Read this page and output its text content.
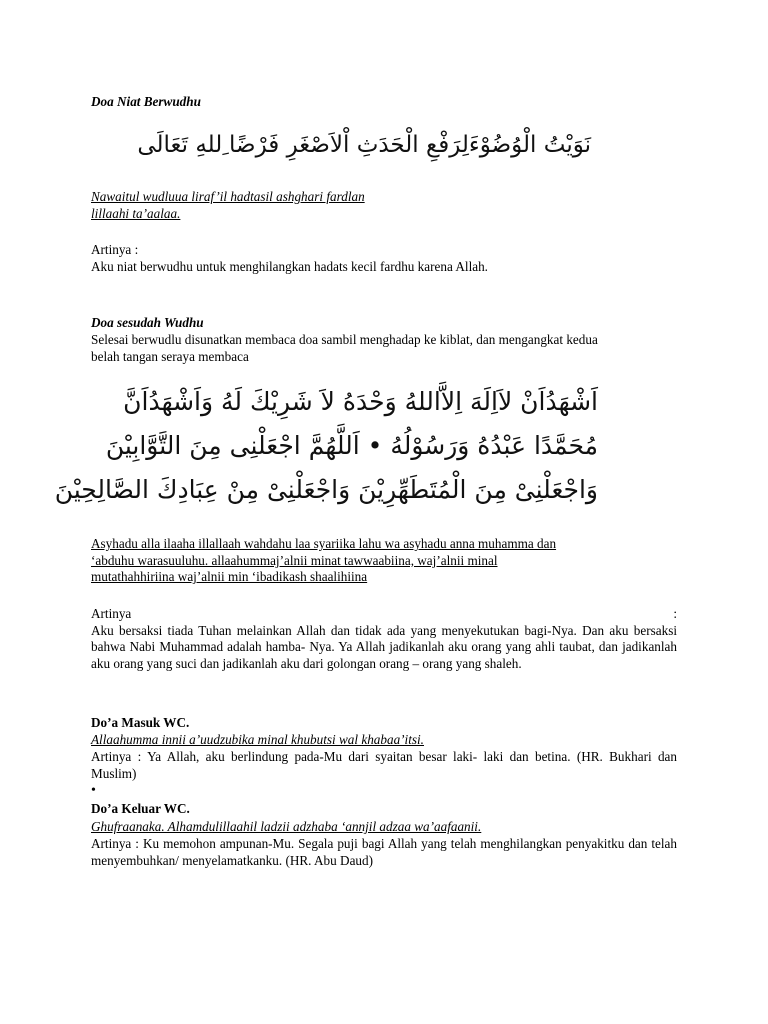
Doa Niat Berwudhu
نَوَيْتُ الْوُضُوْءَلِرَفْعِ الْحَدَثِ اْلاَصْغَرِ فَرْضًا ِللهِ تَعَالَى
Nawaitul wudluua liraf’il hadtasil ashghari fardlan
lillaahi ta’aalaa.
Artinya :
Aku niat berwudhu untuk menghilangkan hadats kecil fardhu karena Allah.
Doa sesudah Wudhu
Selesai berwudlu disunatkan membaca doa sambil menghadap ke kiblat, dan mengangkat kedua
belah tangan seraya membaca
اَشْهَدُاَنْ لاَاِلَهَ اِلاَّاللهُ وَحْدَهُ لاَ شَرِيْكَ لَهُ وَاَشْهَدُاَنَّ
مُحَمَّدًا عَبْدُهُ وَرَسُوْلُهُ • اَللَّهُمَّ اجْعَلْنِى مِنَ التَّوَّابِيْنَ
وَاجْعَلْنِىْ مِنَ الْمُتَطَهِّرِيْنَ وَاجْعَلْنِىْ مِنْ عِبَادِكَ الصَّالِحِيْنَ
Asyhadu alla ilaaha illallaah wahdahu laa syariika lahu wa asyhadu anna muhamma dan
‘abduhu warasuuluhu. allaahummaj’alnii minat tawwaabiina, waj’alnii minal
mutathahhiriina waj’alnii min ‘ibadikash shaalihiina
Artinya	:
Aku bersaksi tiada Tuhan melainkan Allah dan tidak ada yang menyekutukan bagi-Nya. Dan aku bersaksi bahwa Nabi Muhammad adalah hamba- Nya. Ya Allah jadikanlah aku orang yang ahli taubat, dan jadikanlah aku orang yang suci dan jadikanlah aku dari golongan orang – orang yang shaleh.
Do’a Masuk WC.
Allaahumma innii a’uudzubika minal khubutsi wal khabaa’itsi.
Artinya : Ya Allah, aku berlindung pada-Mu dari syaitan besar laki- laki dan betina. (HR. Bukhari dan Muslim)
•
Do’a Keluar WC.
Ghufraanaka. Alhamdulillaahil ladzii adzhaba ‘annjil adzaa wa’aafaanii.
Artinya : Ku memohon ampunan-Mu. Segala puji bagi Allah yang telah menghilangkan penyakitku dan telah menyembuhkan/ menyelamatkanku. (HR. Abu Daud)
